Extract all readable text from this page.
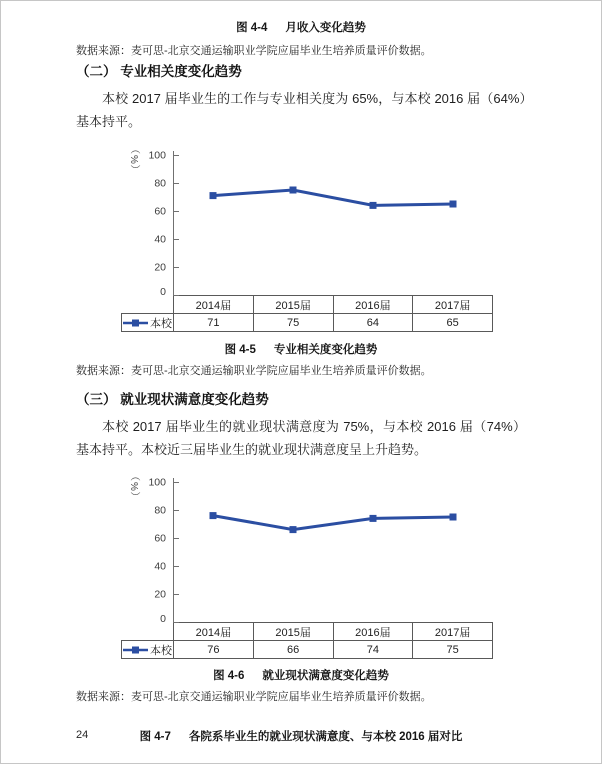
图 4-4 月收入变化趋势

数据来源：麦可思-北京交通运输职业学院应届毕业生培养质量评价数据。

（二） 专业相关度变化趋势

本校 2017 届毕业生的工作与专业相关度为 65%，与本校 2016 届（64%）基本持平。

（%）
0
20
40
60
80
100
	2014届	2015届	2016届	2017届

本校	71	75	64	65
图 4-5 专业相关度变化趋势

数据来源：麦可思-北京交通运输职业学院应届毕业生培养质量评价数据。

（三） 就业现状满意度变化趋势

本校 2017 届毕业生的就业现状满意度为 75%，与本校 2016 届（74%）基本持平。本校近三届毕业生的就业现状满意度呈上升趋势。

（%）
0
20
40
60
80
100
	2014届	2015届	2016届	2017届

本校	76	66	74	75
图 4-6 就业现状满意度变化趋势

数据来源：麦可思-北京交通运输职业学院应届毕业生培养质量评价数据。

图 4-7 各院系毕业生的就业现状满意度、与本校 2016 届对比
24
